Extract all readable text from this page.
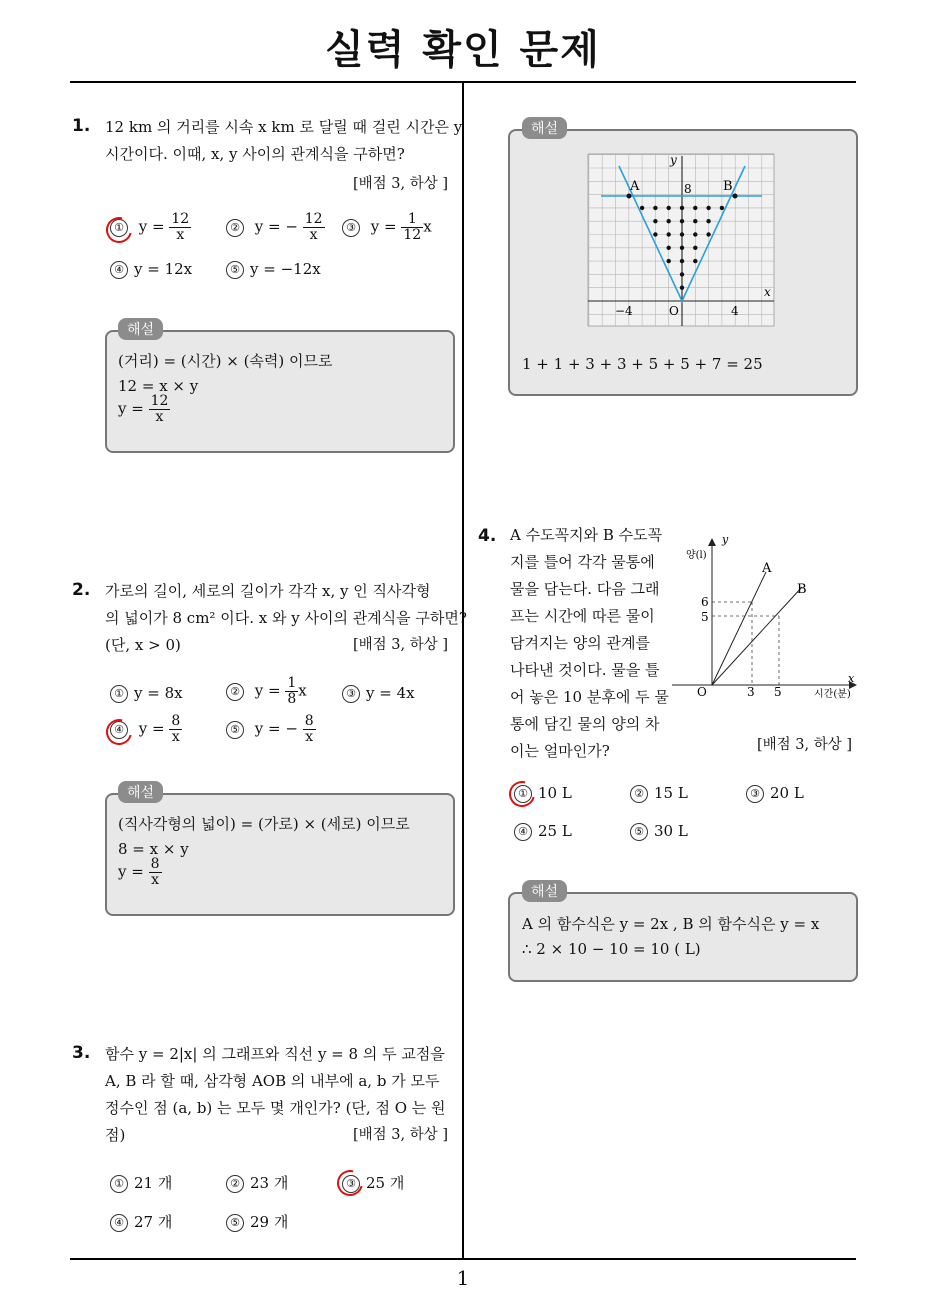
실력 확인 문제
1
1. 12 km 의 거리를 시속 x km 로 달릴 때 걸린 시간은 y
시간이다. 이때, x, y 사이의 관계식을 구하면?
[배점 3, 하상 ]
① $y = \frac{12}{x}$	② y = − $\frac{12}{x}$	③ $y = \frac{1}{12}$ x
④ y = 12x	⑤ y = −12x
해설
(거리) = (시간) × (속력) 이므로
12 = x × y
$y = \frac{12}{x}$
2. 가로의 길이, 세로의 길이가 각각 x, y 인 직사각형
의 넓이가 8 cm² 이다. x 와 y 사이의 관계식을 구하면?
(단, x > 0)	[배점 3, 하상 ]
① y = 8x	② $y = \frac{1}{8}$ x	③ y = 4x
④ $y = \frac{8}{x}$	⑤ y = − $\frac{8}{x}$
해설
(직사각형의 넓이) = (가로) × (세로) 이므로
8 = x × y
$y = \frac{8}{x}$
3. 함수 y = 2|x| 의 그래프와 직선 y = 8 의 두 교점을
A, B 라 할 때, 삼각형 AOB 의 내부에 a, b 가 모두
정수인 점 (a, b) 는 모두 몇 개인가? (단, 점 O 는 원
점)	[배점 3, 하상 ]
① 21 개	② 23 개	③ 25 개
④ 27 개	⑤ 29 개
해설
A	B
8
y
x
−4	O	4
1 + 1 + 3 + 3 + 5 + 5 + 7 = 25
4. A 수도꼭지와 B 수도꼭
지를 틀어 각각 물통에
물을 담는다. 다음 그래
프는 시간에 따른 물이
담겨지는 양의 관계를
나타낸 것이다. 물을 틀
어 놓은 10 분후에 두 물
통에 담긴 물의 양의 차
이는 얼마인가?
y
양(l)
x
시간(분)
A
B
6
5
O	3 5
[배점 3, 하상 ]
① 10 L	② 15 L	③ 20 L
④ 25 L	⑤ 30 L
해설
A 의 함수식은 y = 2x , B 의 함수식은 y = x
∴ 2 × 10 − 10 = 10 ( L)
